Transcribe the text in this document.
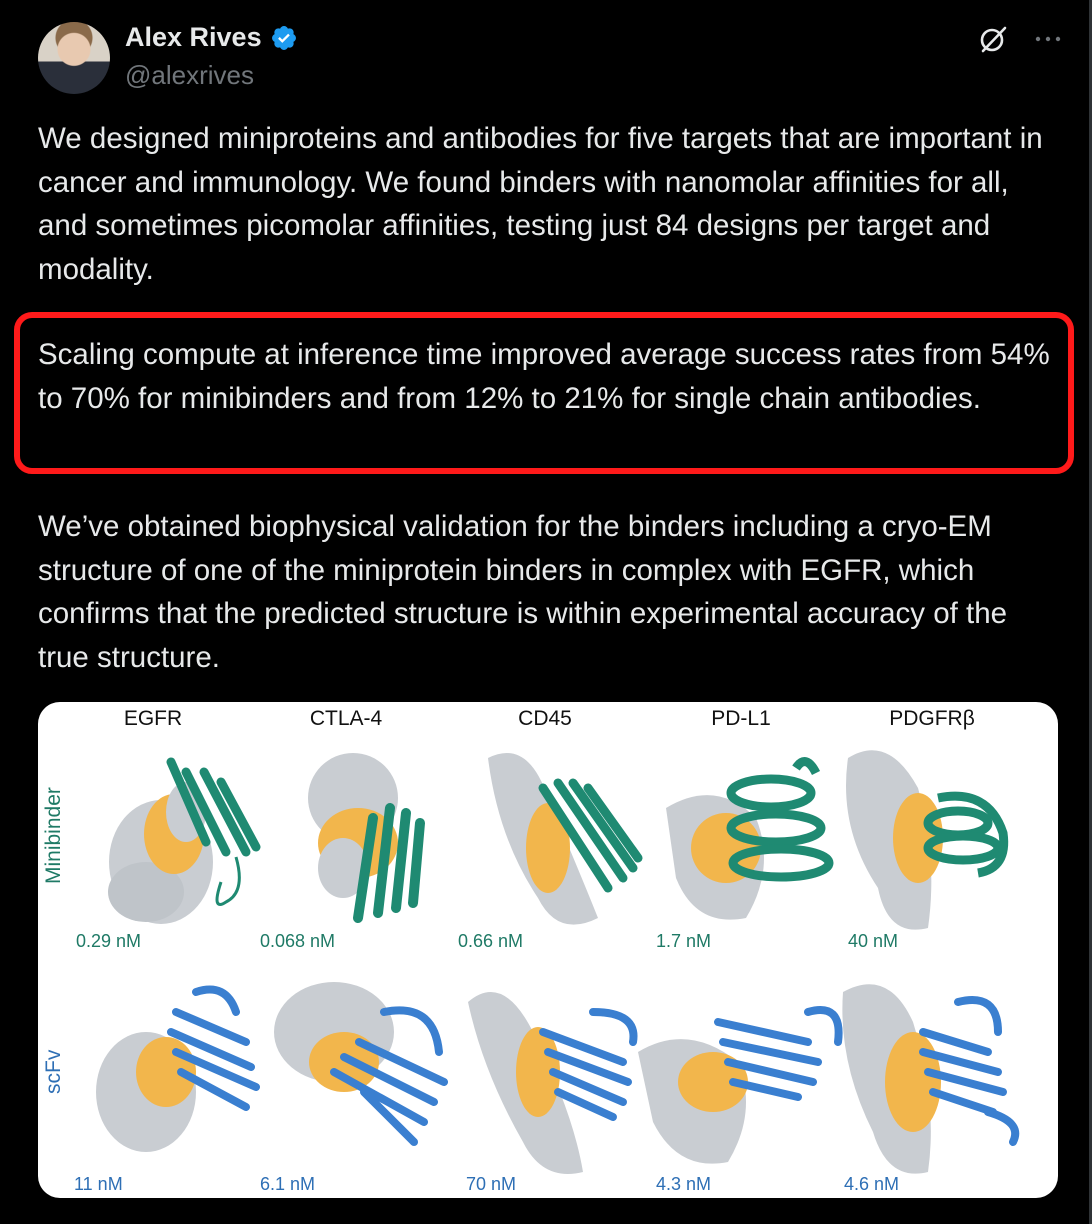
Alex Rives
@alexrives

We designed miniproteins and antibodies for five targets that are important in cancer and immunology. We found binders with nanomolar affinities for all, and sometimes picomolar affinities, testing just 84 designs per target and modality.

Scaling compute at inference time improved average success rates from 54% to 70% for minibinders and from 12% to 21% for single chain antibodies.

We’ve obtained biophysical validation for the binders including a cryo-EM structure of one of the miniprotein binders in complex with EGFR, which confirms that the predicted structure is within experimental accuracy of the true structure.

EGFR	CTLA-4	CD45	PD-L1	PDGFRβ
Minibinder
scFv
0.29 nM	0.068 nM	0.66 nM	1.7 nM	40 nM
11 nM	6.1 nM	70 nM	4.3 nM	4.6 nM
